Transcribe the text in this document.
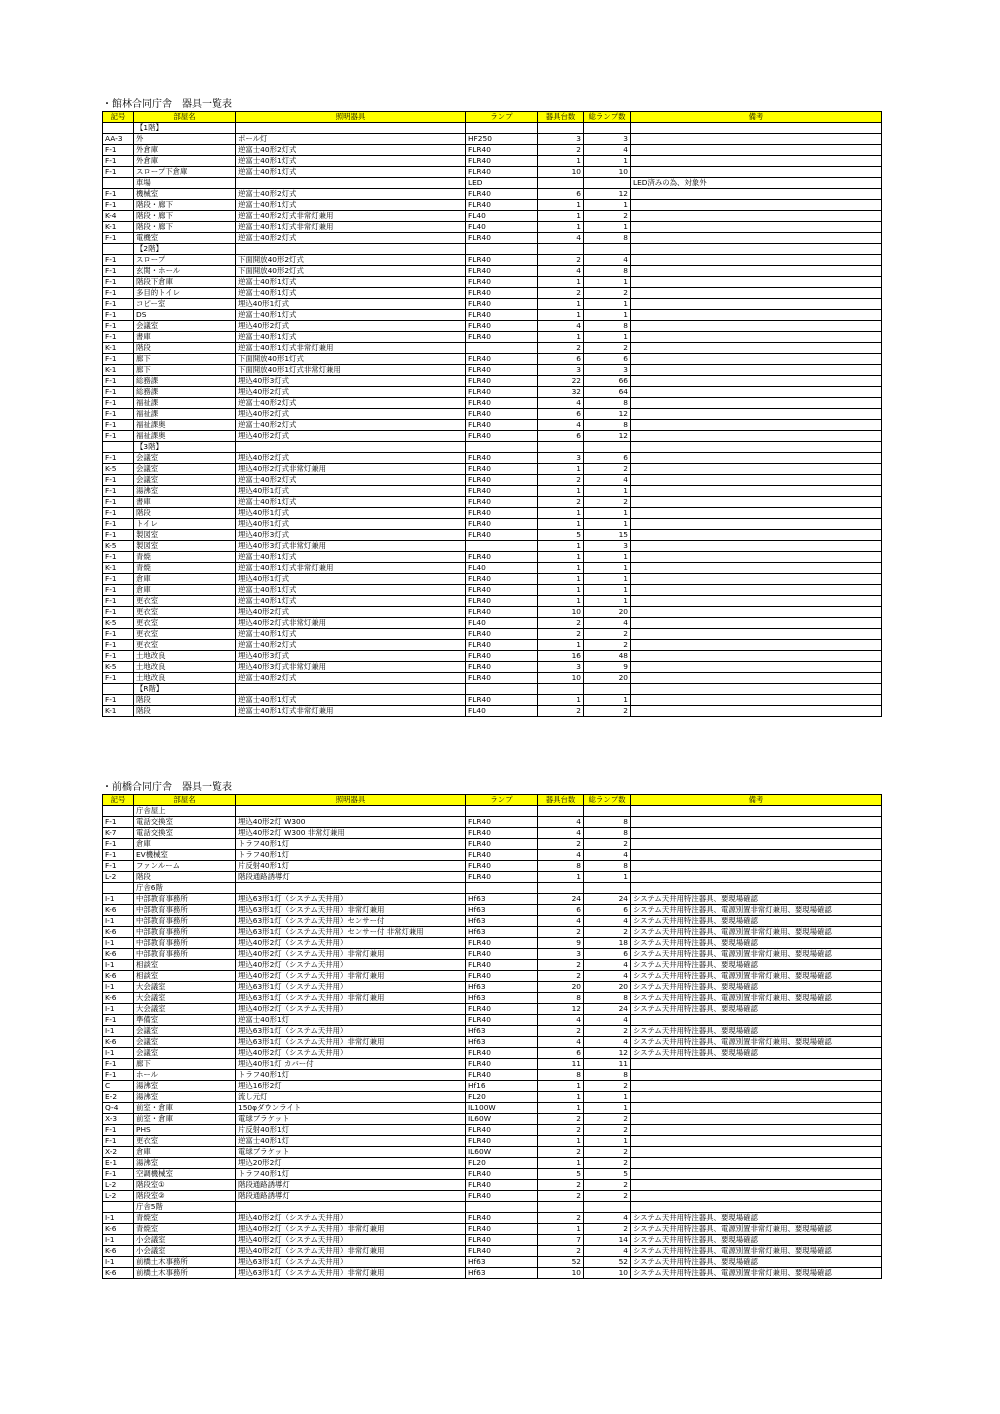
・館林合同庁舎　器具一覧表
記号	部屋名	照明器具	ランプ	器具台数	総ランプ数	備考
	【1階】					
AA-3	外	ポール灯	HF250	3	3	
F-1	外倉庫	逆富士40形2灯式	FLR40	2	4	
F-1	外倉庫	逆富士40形1灯式	FLR40	1	1	
F-1	スロープ下倉庫	逆富士40形1灯式	FLR40	10	10	
	車場		LED			LED済みの為、対象外
F-1	機械室	逆富士40形2灯式	FLR40	6	12	
F-1	階段・廊下	逆富士40形1灯式	FLR40	1	1	
K-4	階段・廊下	逆富士40形2灯式非常灯兼用	FL40	1	2	
K-1	階段・廊下	逆富士40形1灯式非常灯兼用	FL40	1	1	
F-1	電機室	逆富士40形2灯式	FLR40	4	8	
	【2階】					
F-1	スロープ	下面開放40形2灯式	FLR40	2	4	
F-1	玄関・ホール	下面開放40形2灯式	FLR40	4	8	
F-1	階段下倉庫	逆富士40形1灯式	FLR40	1	1	
F-1	多目的トイレ	逆富士40形1灯式	FLR40	2	2	
F-1	コピー室	埋込40形1灯式	FLR40	1	1	
F-1	DS	逆富士40形1灯式	FLR40	1	1	
F-1	会議室	埋込40形2灯式	FLR40	4	8	
F-1	書庫	逆富士40形1灯式	FLR40	1	1	
K-1	階段	逆富士40形1灯式非常灯兼用		2	2	
F-1	廊下	下面開放40形1灯式	FLR40	6	6	
K-1	廊下	下面開放40形1灯式非常灯兼用	FLR40	3	3	
F-1	総務課	埋込40形3灯式	FLR40	22	66	
F-1	総務課	埋込40形2灯式	FLR40	32	64	
F-1	福祉課	逆富士40形2灯式	FLR40	4	8	
F-1	福祉課	埋込40形2灯式	FLR40	6	12	
F-1	福祉課奥	逆富士40形2灯式	FLR40	4	8	
F-1	福祉課奥	埋込40形2灯式	FLR40	6	12	
	【3階】					
F-1	会議室	埋込40形2灯式	FLR40	3	6	
K-5	会議室	埋込40形2灯式非常灯兼用	FLR40	1	2	
F-1	会議室	逆富士40形2灯式	FLR40	2	4	
F-1	湯沸室	埋込40形1灯式	FLR40	1	1	
F-1	書庫	逆富士40形1灯式	FLR40	2	2	
F-1	階段	埋込40形1灯式	FLR40	1	1	
F-1	トイレ	埋込40形1灯式	FLR40	1	1	
F-1	製図室	埋込40形3灯式	FLR40	5	15	
K-5	製図室	埋込40形3灯式非常灯兼用		1	3	
F-1	青焼	逆富士40形1灯式	FLR40	1	1	
K-1	青焼	逆富士40形1灯式非常灯兼用	FL40	1	1	
F-1	倉庫	埋込40形1灯式	FLR40	1	1	
F-1	倉庫	逆富士40形1灯式	FLR40	1	1	
F-1	更衣室	逆富士40形1灯式	FLR40	1	1	
F-1	更衣室	埋込40形2灯式	FLR40	10	20	
K-5	更衣室	埋込40形2灯式非常灯兼用	FL40	2	4	
F-1	更衣室	逆富士40形1灯式	FLR40	2	2	
F-1	更衣室	逆富士40形2灯式	FLR40	1	2	
F-1	土地改良	埋込40形3灯式	FLR40	16	48	
K-5	土地改良	埋込40形3灯式非常灯兼用	FLR40	3	9	
F-1	土地改良	逆富士40形2灯式	FLR40	10	20	
	【R階】					
F-1	階段	逆富士40形1灯式	FLR40	1	1	
K-1	階段	逆富士40形1灯式非常灯兼用	FL40	2	2	
・前橋合同庁舎　器具一覧表
記号	部屋名	照明器具	ランプ	器具台数	総ランプ数	備考
	庁舎屋上					
F-1	電話交換室	埋込40形2灯 W300	FLR40	4	8	
K-7	電話交換室	埋込40形2灯 W300 非常灯兼用	FLR40	4	8	
F-1	倉庫	トラフ40形1灯	FLR40	2	2	
F-1	EV機械室	トラフ40形1灯	FLR40	4	4	
F-1	ファンルーム	片反射40形1灯	FLR40	8	8	
L-2	階段	階段通路誘導灯	FLR40	1	1	
	庁舎6階					
I-1	中部教育事務所	埋込63形1灯（システム天井用）	Hf63	24	24	システム天井用特注器具、要現場確認
K-6	中部教育事務所	埋込63形1灯（システム天井用）非常灯兼用	Hf63	6	6	システム天井用特注器具、電源別置非常灯兼用、要現場確認
I-1	中部教育事務所	埋込63形1灯（システム天井用）センサー付	Hf63	4	4	システム天井用特注器具、要現場確認
K-6	中部教育事務所	埋込63形1灯（システム天井用）センサー付 非常灯兼用	Hf63	2	2	システム天井用特注器具、電源別置非常灯兼用、要現場確認
I-1	中部教育事務所	埋込40形2灯（システム天井用）	FLR40	9	18	システム天井用特注器具、要現場確認
K-6	中部教育事務所	埋込40形2灯（システム天井用）非常灯兼用	FLR40	3	6	システム天井用特注器具、電源別置非常灯兼用、要現場確認
I-1	相談室	埋込40形2灯（システム天井用）	FLR40	2	4	システム天井用特注器具、要現場確認
K-6	相談室	埋込40形2灯（システム天井用）非常灯兼用	FLR40	2	4	システム天井用特注器具、電源別置非常灯兼用、要現場確認
I-1	大会議室	埋込63形1灯（システム天井用）	Hf63	20	20	システム天井用特注器具、要現場確認
K-6	大会議室	埋込63形1灯（システム天井用）非常灯兼用	Hf63	8	8	システム天井用特注器具、電源別置非常灯兼用、要現場確認
I-1	大会議室	埋込40形2灯（システム天井用）	FLR40	12	24	システム天井用特注器具、要現場確認
F-1	準備室	逆富士40形1灯	FLR40	4	4	
I-1	会議室	埋込63形1灯（システム天井用）	Hf63	2	2	システム天井用特注器具、要現場確認
K-6	会議室	埋込63形1灯（システム天井用）非常灯兼用	Hf63	4	4	システム天井用特注器具、電源別置非常灯兼用、要現場確認
I-1	会議室	埋込40形2灯（システム天井用）	FLR40	6	12	システム天井用特注器具、要現場確認
F-1	廊下	埋込40形1灯 カバー付	FLR40	11	11	
F-1	ホール	トラフ40形1灯	FLR40	8	8	
C	湯沸室	埋込16形2灯	Hf16	1	2	
E-2	湯沸室	流し元灯	FL20	1	1	
Q-4	前室・倉庫	150φダウンライト	IL100W	1	1	
X-3	前室・倉庫	電球ブラケット	IL60W	2	2	
F-1	PHS	片反射40形1灯	FLR40	2	2	
F-1	更衣室	逆富士40形1灯	FLR40	1	1	
X-2	倉庫	電球ブラケット	IL60W	2	2	
E-1	湯沸室	埋込20形2灯	FL20	1	2	
F-1	空調機械室	トラフ40形1灯	FLR40	5	5	
L-2	階段室①	階段通路誘導灯	FLR40	2	2	
L-2	階段室②	階段通路誘導灯	FLR40	2	2	
	庁舎5階					
I-1	青焼室	埋込40形2灯（システム天井用）	FLR40	2	4	システム天井用特注器具、要現場確認
K-6	青焼室	埋込40形2灯（システム天井用）非常灯兼用	FLR40	1	2	システム天井用特注器具、電源別置非常灯兼用、要現場確認
I-1	小会議室	埋込40形2灯（システム天井用）	FLR40	7	14	システム天井用特注器具、要現場確認
K-6	小会議室	埋込40形2灯（システム天井用）非常灯兼用	FLR40	2	4	システム天井用特注器具、電源別置非常灯兼用、要現場確認
I-1	前橋土木事務所	埋込63形1灯（システム天井用）	Hf63	52	52	システム天井用特注器具、要現場確認
K-6	前橋土木事務所	埋込63形1灯（システム天井用）非常灯兼用	Hf63	10	10	システム天井用特注器具、電源別置非常灯兼用、要現場確認
